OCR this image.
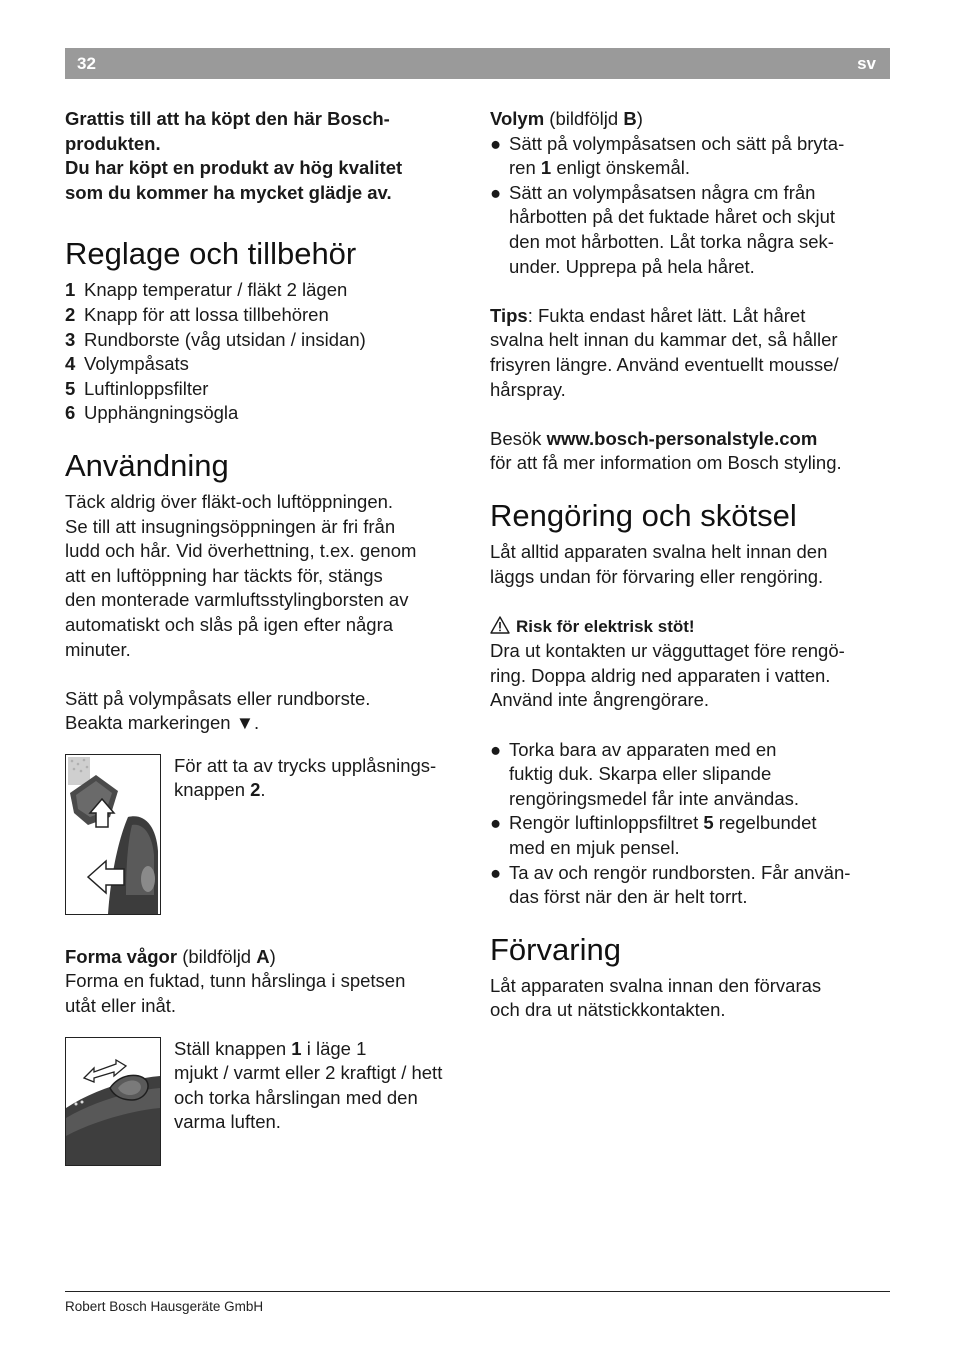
32	sv

Grattis till att ha köpt den här Bosch-
produkten.
Du har köpt en produkt av hög kvalitet
som du kommer ha mycket glädje av.

Reglage och tillbehör
1 Knapp temperatur / fläkt 2 lägen
2 Knapp för att lossa tillbehören
3 Rundborste (våg utsidan / insidan)
4 Volympåsats
5 Luftinloppsfilter
6 Upphängningsögla
Användning

Täck aldrig över fläkt-och luftöppningen.
Se till att insugningsöppningen är fri från
ludd och hår. Vid överhettning, t.ex. genom
att en luftöppning har täckts för, stängs
den monterade varmluftsstylingborsten av
automatiskt och slås på igen efter några
minuter.

Sätt på volympåsats eller rundborste.
Beakta markeringen ▼.

För att ta av trycks upplåsnings-
knappen 2.

Forma vågor (bildföljd A)
Forma en fuktad, tunn hårslinga i spetsen
utåt eller inåt.

Ställ knappen 1 i läge 1
mjukt / varmt eller 2 kraftigt / hett
och torka hårslingan med den
varma luften.

Volym (bildföljd B)

● Sätt på volympåsatsen och sätt på bryta-
ren 1 enligt önskemål.
● Sätt an volympåsatsen några cm från
hårbotten på det fuktade håret och skjut
den mot hårbotten. Låt torka några sek-
under. Upprepa på hela håret.

Tips: Fukta endast håret lätt. Låt håret
svalna helt innan du kammar det, så håller
frisyren längre. Använd eventuellt mousse/
hårspray.

Besök www.bosch-personalstyle.com
för att få mer information om Bosch styling.

Rengöring och skötsel

Låt alltid apparaten svalna helt innan den
läggs undan för förvaring eller rengöring.

Risk för elektrisk stöt!
Dra ut kontakten ur vägguttaget före rengö-
ring. Doppa aldrig ned apparaten i vatten.
Använd inte ångrengörare.

● Torka bara av apparaten med en
fuktig duk. Skarpa eller slipande
rengöringsmedel får inte användas.
● Rengör luftinloppsfiltret 5 regelbundet
med en mjuk pensel.
● Ta av och rengör rundborsten. Får använ-
das först när den är helt torrt.
Förvaring

Låt apparaten svalna innan den förvaras
och dra ut nätstickkontakten.

Robert Bosch Hausgeräte GmbH
